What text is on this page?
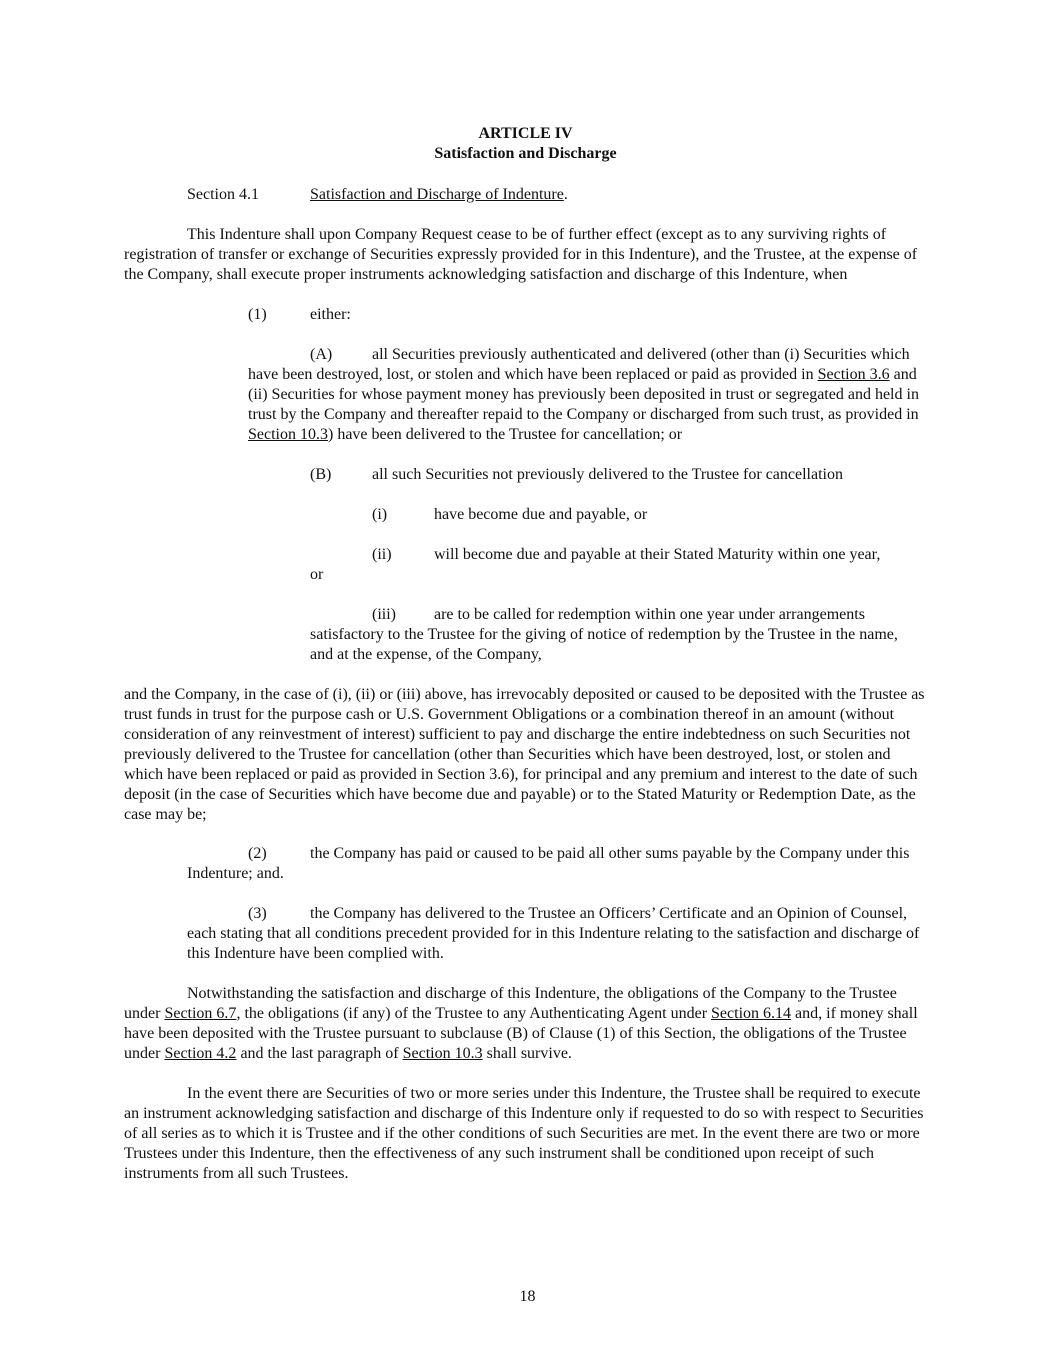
ARTICLE IV
Satisfaction and Discharge

Section 4.1	Satisfaction and Discharge of Indenture.

This Indenture shall upon Company Request cease to be of further effect (except as to any surviving rights of registration of transfer or exchange of Securities expressly provided for in this Indenture), and the Trustee, at the expense of the Company, shall execute proper instruments acknowledging satisfaction and discharge of this Indenture, when

(1)	either:

(A) all Securities previously authenticated and delivered (other than (i) Securities which have been destroyed, lost, or stolen and which have been replaced or paid as provided in Section 3.6 and (ii) Securities for whose payment money has previously been deposited in trust or segregated and held in trust by the Company and thereafter repaid to the Company or discharged from such trust, as provided in Section 10.3) have been delivered to the Trustee for cancellation; or

(B)	all such Securities not previously delivered to the Trustee for cancellation

(i)	have become due and payable, or

(ii)	will become due and payable at their Stated Maturity within one year,
or

(iii) are to be called for redemption within one year under arrangements satisfactory to the Trustee for the giving of notice of redemption by the Trustee in the name, and at the expense, of the Company,

and the Company, in the case of (i), (ii) or (iii) above, has irrevocably deposited or caused to be deposited with the Trustee as trust funds in trust for the purpose cash or U.S. Government Obligations or a combination thereof in an amount (without consideration of any reinvestment of interest) sufficient to pay and discharge the entire indebtedness on such Securities not previously delivered to the Trustee for cancellation (other than Securities which have been destroyed, lost, or stolen and which have been replaced or paid as provided in Section 3.6), for principal and any premium and interest to the date of such deposit (in the case of Securities which have become due and payable) or to the Stated Maturity or Redemption Date, as the case may be;

(2)	the Company has paid or caused to be paid all other sums payable by the Company under this Indenture; and.

(3)	the Company has delivered to the Trustee an Officers’ Certificate and an Opinion of Counsel, each stating that all conditions precedent provided for in this Indenture relating to the satisfaction and discharge of this Indenture have been complied with.

Notwithstanding the satisfaction and discharge of this Indenture, the obligations of the Company to the Trustee under Section 6.7, the obligations (if any) of the Trustee to any Authenticating Agent under Section 6.14 and, if money shall have been deposited with the Trustee pursuant to subclause (B) of Clause (1) of this Section, the obligations of the Trustee under Section 4.2 and the last paragraph of Section 10.3 shall survive.

In the event there are Securities of two or more series under this Indenture, the Trustee shall be required to execute an instrument acknowledging satisfaction and discharge of this Indenture only if requested to do so with respect to Securities of all series as to which it is Trustee and if the other conditions of such Securities are met. In the event there are two or more Trustees under this Indenture, then the effectiveness of any such instrument shall be conditioned upon receipt of such instruments from all such Trustees.

18
